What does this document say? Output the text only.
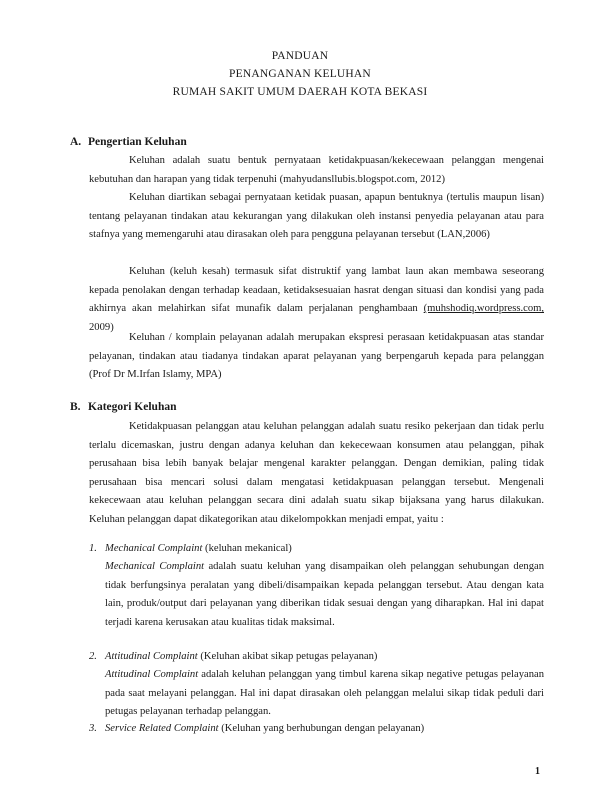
PANDUAN
PENANGANAN KELUHAN
RUMAH SAKIT UMUM DAERAH KOTA BEKASI
A. Pengertian Keluhan
Keluhan adalah suatu bentuk pernyataan ketidakpuasan/kekecewaan pelanggan mengenai kebutuhan dan harapan yang tidak terpenuhi (mahyudansllubis.blogspot.com, 2012)
Keluhan diartikan sebagai pernyataan ketidak puasan, apapun bentuknya (tertulis maupun lisan) tentang pelayanan tindakan atau kekurangan yang dilakukan oleh instansi penyedia pelayanan atau para stafnya yang memengaruhi atau dirasakan oleh para pengguna pelayanan tersebut (LAN,2006)
Keluhan (keluh kesah) termasuk sifat distruktif yang lambat laun akan membawa seseorang kepada penolakan dengan terhadap keadaan, ketidaksesuaian hasrat dengan situasi dan kondisi yang pada akhirnya akan melahirkan sifat munafik dalam perjalanan penghambaan (muhshodiq.wordpress.com, 2009)
Keluhan / komplain pelayanan adalah merupakan ekspresi perasaan ketidakpuasan atas standar pelayanan, tindakan atau tiadanya tindakan aparat pelayanan yang berpengaruh kepada para pelanggan (Prof Dr M.Irfan Islamy, MPA)
B. Kategori Keluhan
Ketidakpuasan pelanggan atau keluhan pelanggan adalah suatu resiko pekerjaan dan tidak perlu terlalu dicemaskan, justru dengan adanya keluhan dan kekecewaan konsumen atau pelanggan, pihak perusahaan bisa lebih banyak belajar mengenal karakter pelanggan. Dengan demikian, paling tidak perusahaan bisa mencari solusi dalam mengatasi ketidakpuasan pelanggan tersebut. Mengenali kekecewaan atau keluhan pelanggan secara dini adalah suatu sikap bijaksana yang harus dilakukan. Keluhan pelanggan dapat dikategorikan atau dikelompokkan menjadi empat, yaitu :
1. Mechanical Complaint (keluhan mekanical)
Mechanical Complaint adalah suatu keluhan yang disampaikan oleh pelanggan sehubungan dengan tidak berfungsinya peralatan yang dibeli/disampaikan kepada pelanggan tersebut. Atau dengan kata lain, produk/output dari pelayanan yang diberikan tidak sesuai dengan yang diharapkan. Hal ini dapat terjadi karena kerusakan atau kualitas tidak maksimal.
2. Attitudinal Complaint (Keluhan akibat sikap petugas pelayanan)
Attitudinal Complaint adalah keluhan pelanggan yang timbul karena sikap negative petugas pelayanan pada saat melayani pelanggan. Hal ini dapat dirasakan oleh pelanggan melalui sikap tidak peduli dari petugas pelayanan terhadap pelanggan.
3. Service Related Complaint (Keluhan yang berhubungan dengan pelayanan)
1
